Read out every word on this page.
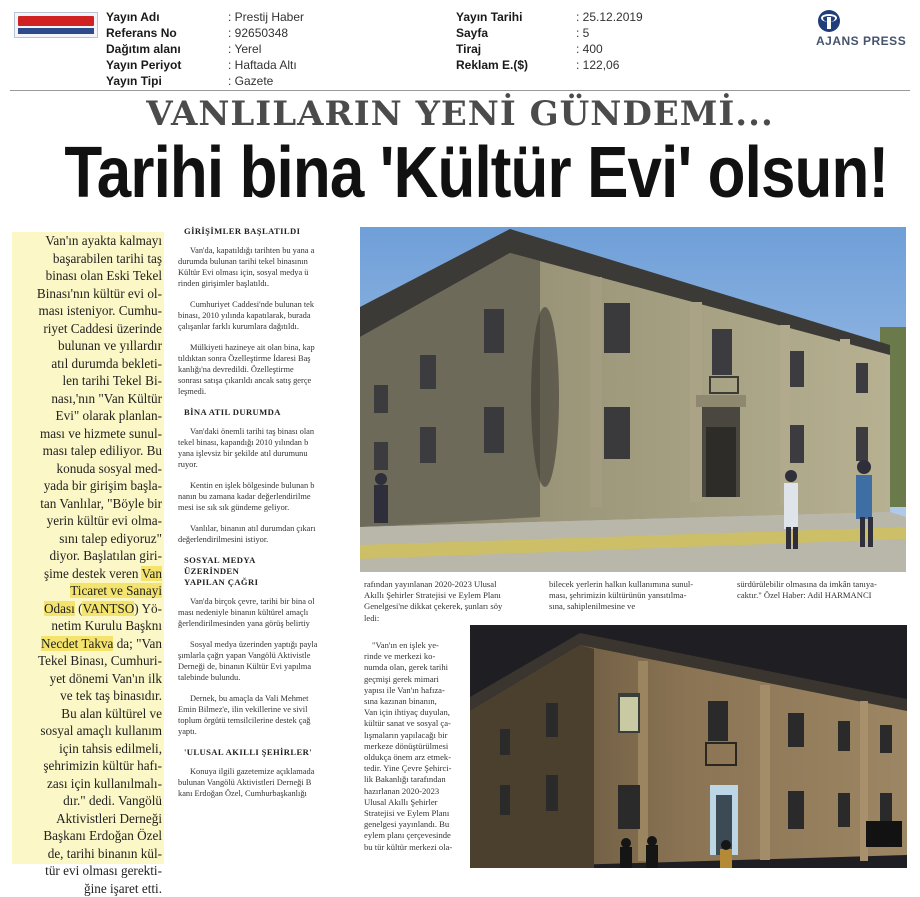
Yayın Adı	: Prestij Haber
Referans No	: 92650348
Dağıtım alanı	: Yerel
Yayın Periyot	: Haftada Altı
Yayın Tipi	: Gazete
Yayın Tarihi	: 25.12.2019
Sayfa	: 5
Tiraj	: 400
Reklam E.($)	: 122,06
AJANS PRESS
VANLILARIN YENİ GÜNDEMİ...
Tarihi bina 'Kültür Evi' olsun!

Van'ın ayakta kalmayı
başarabilen tarihi taş
binası olan Eski Tekel
Binası'nın kültür evi ol-
ması isteniyor. Cumhu-
riyet Caddesi üzerinde
bulunan ve yıllardır
atıl durumda bekleti-
len tarihi Tekel Bi-
nası,'nın "Van Kültür
Evi" olarak planlan-
ması ve hizmete sunul-
ması talep ediliyor. Bu
konuda sosyal med-
yada bir girişim başla-
tan Vanlılar, "Böyle bir
yerin kültür evi olma-
sını talep ediyoruz"
diyor. Başlatılan giri-
şime destek veren Van
Ticaret ve Sanayi
Odası (VANTSO) Yö-
netim Kurulu Başknı
Necdet Takva da; "Van
Tekel Binası, Cumhuri-
yet dönemi Van'ın ilk
ve tek taş binasıdır.
Bu alan kültürel ve
sosyal amaçlı kullanım
için tahsis edilmeli,
şehrimizin kültür hafı-
zası için kullanılmalı-
dır." dedi. Vangölü
Aktivistleri Derneği
Başkanı Erdoğan Özel
de, tarihi binanın kül-
tür evi olması gerekti-
ğine işaret etti.

GİRİŞİMLER BAŞLATILDI
Van'da, kapatıldığı tarihten bu yana a
durumda bulunan tarihi tekel binasının
Kültür Evi olması için, sosyal medya ü
rinden girişimler başlatıldı.
Cumhuriyet Caddesi'nde bulunan tek
binası, 2010 yılında kapatılarak, burada
çalışanlar farklı kurumlara dağıtıldı.
Mülkiyeti hazineye ait olan bina, kap
tıldıktan sonra Özelleştirme İdaresi Baş
kanlığı'na devredildi. Özelleştirme
sonrası satışa çıkarıldı ancak satış gerçe
leşmedi.
BİNA ATIL DURUMDA
Van'daki önemli tarihi taş binası olan
tekel binası, kapandığı 2010 yılından b
yana işlevsiz bir şekilde atıl durumunu
ruyor.
Kentin en işlek bölgesinde bulunan b
nanın bu zamana kadar değerlendirilme
mesi ise sık sık gündeme geliyor.
Vanlılar, binanın atıl durumdan çıkarı
değerlendirilmesini istiyor.
SOSYAL MEDYA
ÜZERİNDEN
YAPILAN ÇAĞRI
Van'da birçok çevre, tarihi bir bina ol
ması nedeniyle binanın kültürel amaçlı
ğerlendirilmesinden yana görüş belirtiy
Sosyal medya üzerinden yaptığı payla
şımlarla çağrı yapan Vangölü Aktivistle
Derneği de, binanın Kültür Evi yapılma
talebinde bulundu.
Dernek, bu amaçla da Vali Mehmet
Emin Bilmez'e, ilin vekillerine ve sivil
toplum örgütü temsilcilerine destek çağ
yaptı.
'ULUSAL AKILLI ŞEHİRLER'
Konuya ilgili gazetemize açıklamada
bulunan Vangölü Aktivistleri Derneği B
kanı Erdoğan Özel, Cumhurbaşkanlığı
rafından yayınlanan 2020-2023 Ulusal
Akıllı Şehirler Stratejisi ve Eylem Planı
Genelgesi'ne dikkat çekerek, şunları söy
ledi:
bilecek yerlerin halkın kullanımına sunul-
ması, şehrimizin kültürünün yansıtılma-
sına, sahiplenilmesine ve
sürdürülebilir olmasına da imkân tanıya-
caktır." Özel Haber: Adil HARMANCI
"Van'ın en işlek ye-
rinde ve merkezi ko-
numda olan, gerek tarihi
geçmişi gerek mimari
yapısı ile Van'ın hafıza-
sına kazınan binanın,
Van için ihtiyaç duyulan,
kültür sanat ve sosyal ça-
lışmaların yapılacağı bir
merkeze dönüştürülmesi
oldukça önem arz etmek-
tedir. Yine Çevre Şehirci-
lik Bakanlığı tarafından
hazırlanan 2020-2023
Ulusal Akıllı Şehirler
Stratejisi ve Eylem Planı
genelgesi yayınlandı. Bu
eylem planı çerçevesinde
bu tür kültür merkezi ola-
